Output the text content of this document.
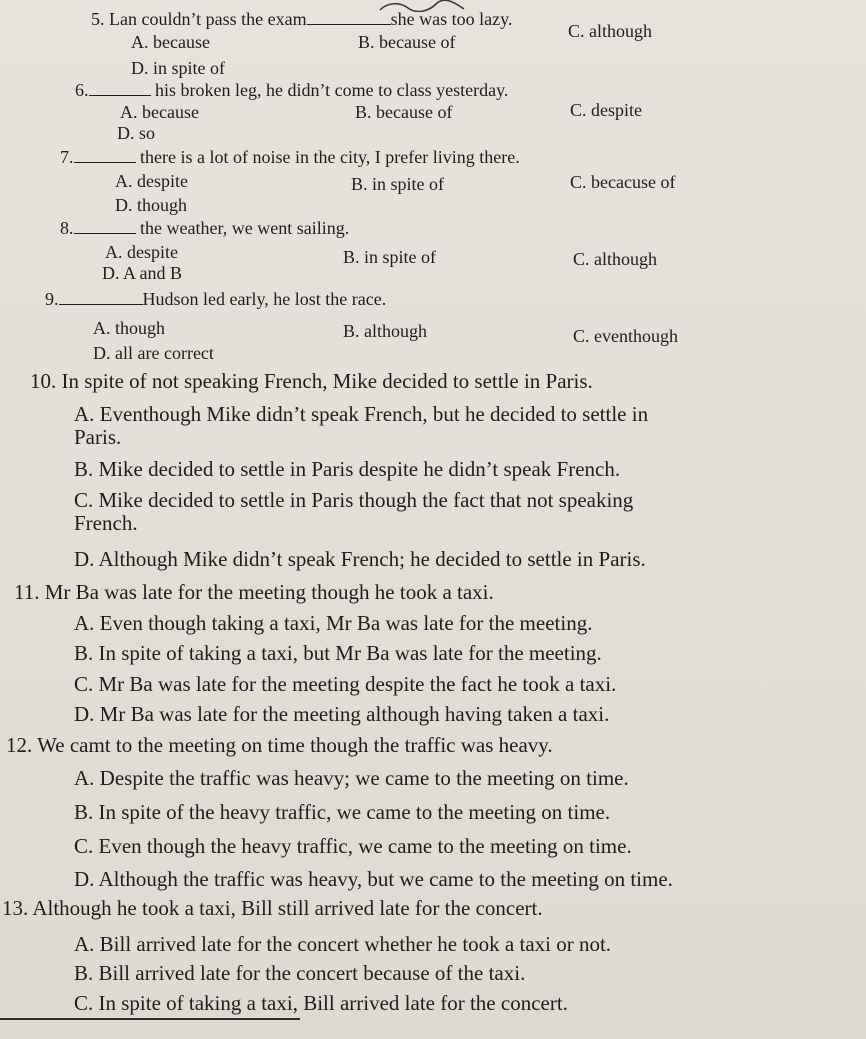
5. Lan couldn’t pass the exam	she was too lazy.
A. because	B. because of
C. although
D. in spite of
6.	his broken leg, he didn’t come to class yesterday.
A. because	B. because of	C. despite
D. so
7.	there is a lot of noise in the city, I prefer living there.
A. despite	B. in spite of	C. becacuse of
D. though
8.	the weather, we went sailing.
A. despite	B. in spite of	C. although
D. A and B
9.	Hudson led early, he lost the race.
A. though	B. although	C. eventhough
D. all are correct
10. In spite of not speaking French, Mike decided to settle in Paris.
A. Eventhough Mike didn’t speak French, but he decided to settle in
Paris.
B. Mike decided to settle in Paris despite he didn’t speak French.
C. Mike decided to settle in Paris though the fact that not speaking
French.
D. Although Mike didn’t speak French; he decided to settle in Paris.
11. Mr Ba was late for the meeting though he took a taxi.
A. Even though taking a taxi, Mr Ba was late for the meeting.
B. In spite of taking a taxi, but Mr Ba was late for the meeting.
C. Mr Ba was late for the meeting despite the fact he took a taxi.
D. Mr Ba was late for the meeting although having taken a taxi.
12. We camt to the meeting on time though the traffic was heavy.
A. Despite the traffic was heavy; we came to the meeting on time.
B. In spite of the heavy traffic, we came to the meeting on time.
C. Even though the heavy traffic, we came to the meeting on time.
D. Although the traffic was heavy, but we came to the meeting on time.
13. Although he took a taxi, Bill still arrived late for the concert.
A. Bill arrived late for the concert whether he took a taxi or not.
B. Bill arrived late for the concert because of the taxi.
C. In spite of taking a taxi, Bill arrived late for the concert.
